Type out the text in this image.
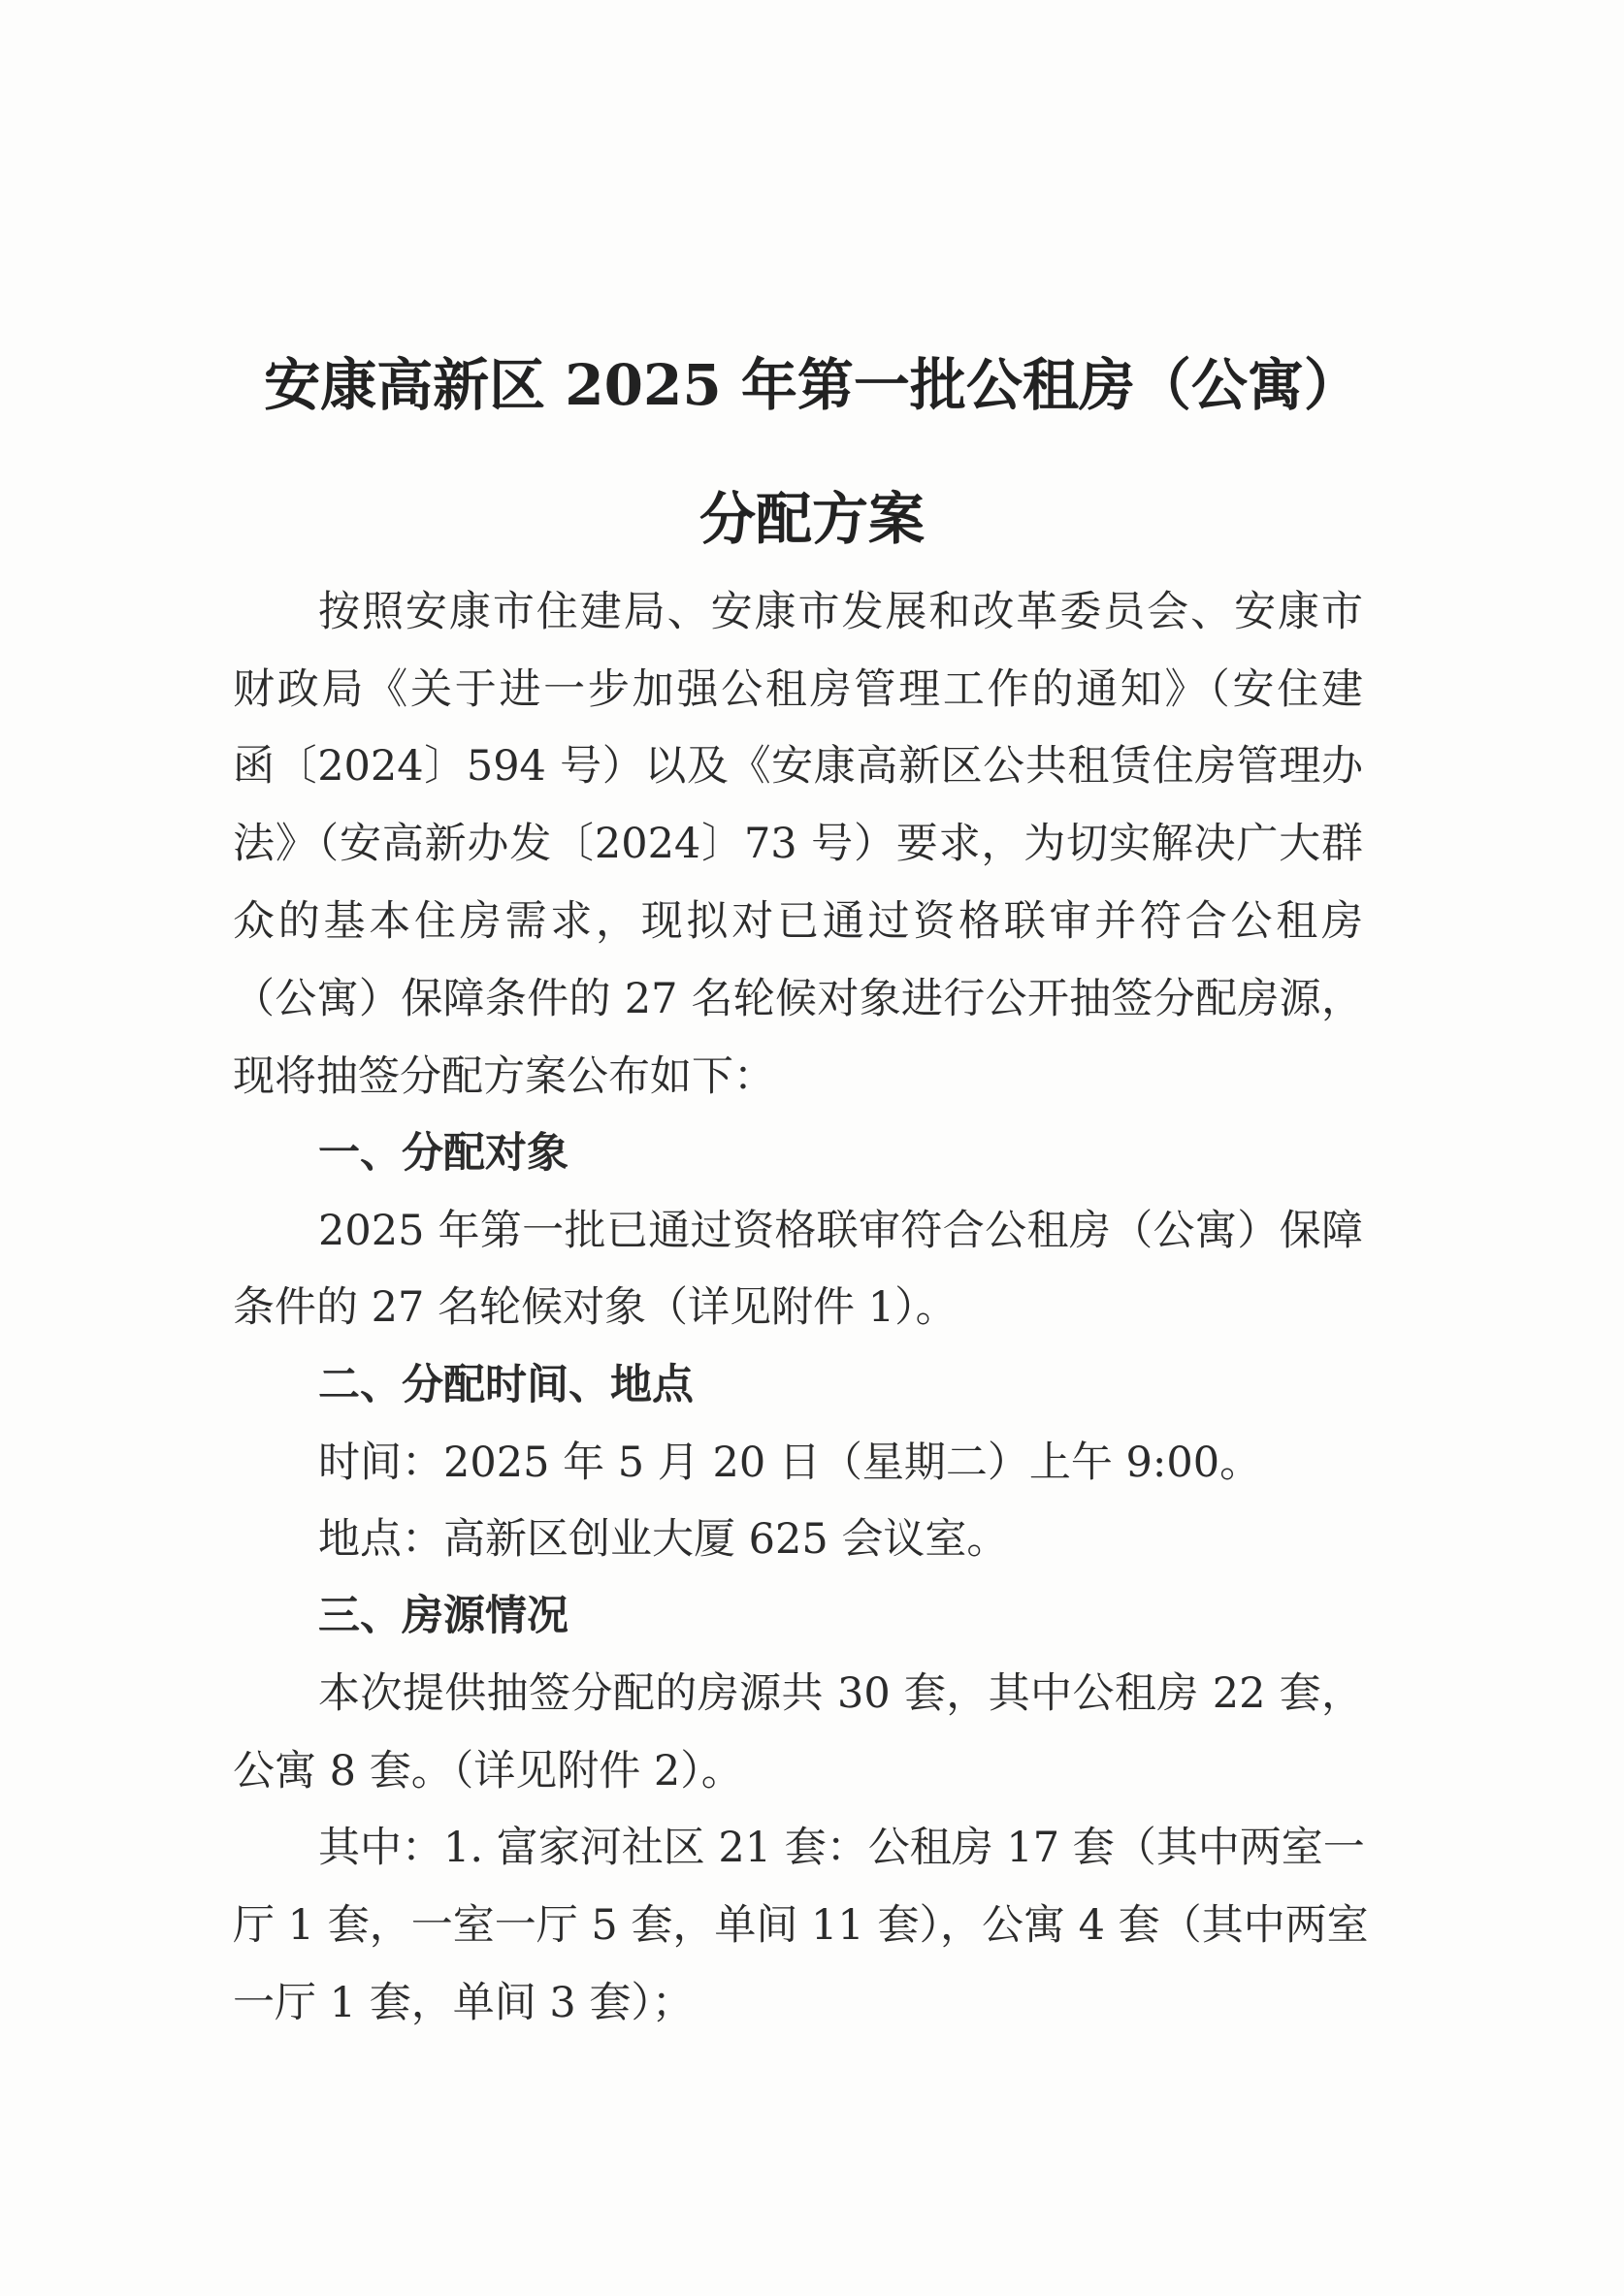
安康高新区 2025 年第一批公租房（公寓）
分配方案
按照安康市住建局、安康市发展和改革委员会、安康市
财政局《关于进一步加强公租房管理工作的通知》（安住建
函〔2024〕594 号）以及《安康高新区公共租赁住房管理办
法》（安高新办发〔2024〕73 号）要求，为切实解决广大群
众的基本住房需求，现拟对已通过资格联审并符合公租房
（公寓）保障条件的 27 名轮候对象进行公开抽签分配房源，
现将抽签分配方案公布如下：
一、分配对象
2025 年第一批已通过资格联审符合公租房（公寓）保障
条件的 27 名轮候对象（详见附件 1）。
二、分配时间、地点
时间：2025 年 5 月 20 日（星期二）上午 9:00。
地点：高新区创业大厦 625 会议室。
三、房源情况
本次提供抽签分配的房源共 30 套，其中公租房 22 套，
公寓 8 套。（详见附件 2）。
其中：1. 富家河社区 21 套：公租房 17 套（其中两室一
厅 1 套，一室一厅 5 套，单间 11 套），公寓 4 套（其中两室
一厅 1 套，单间 3 套）；
